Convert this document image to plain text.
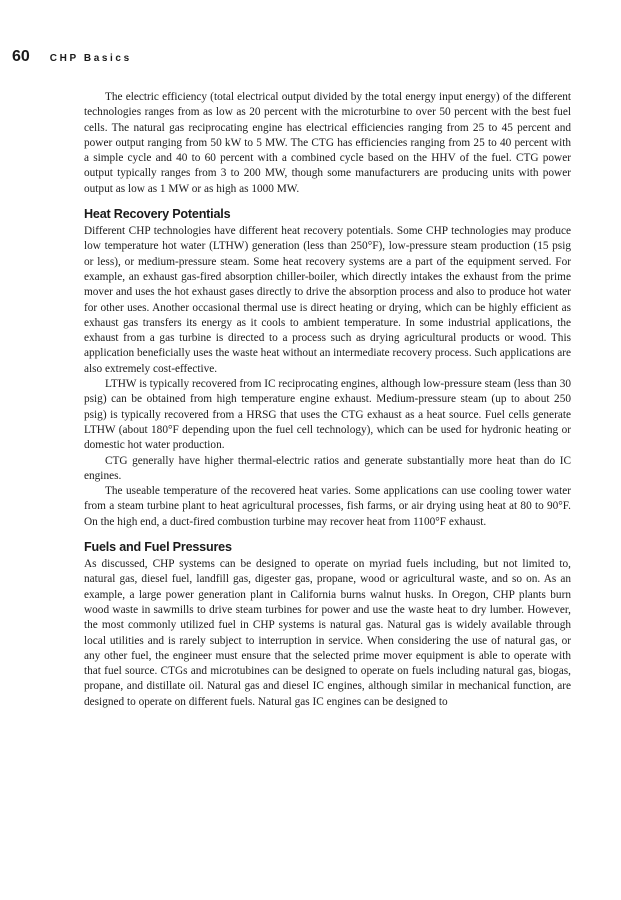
60 CHP Basics

The electric efficiency (total electrical output divided by the total energy input energy) of the different technologies ranges from as low as 20 percent with the microturbine to over 50 percent with the best fuel cells. The natural gas reciprocating engine has electrical efficiencies ranging from 25 to 45 percent and power output ranging from 50 kW to 5 MW. The CTG has efficiencies ranging from 25 to 40 percent with a simple cycle and 40 to 60 percent with a combined cycle based on the HHV of the fuel. CTG power output typically ranges from 3 to 200 MW, though some manufacturers are producing units with power output as low as 1 MW or as high as 1000 MW.

Heat Recovery Potentials

Different CHP technologies have different heat recovery potentials. Some CHP technologies may produce low temperature hot water (LTHW) generation (less than 250°F), low-pressure steam production (15 psig or less), or medium-pressure steam. Some heat recovery systems are a part of the equipment served. For example, an exhaust gas-fired absorption chiller-boiler, which directly intakes the exhaust from the prime mover and uses the hot exhaust gases directly to drive the absorption process and also to produce hot water for other uses. Another occasional thermal use is direct heating or drying, which can be highly efficient as exhaust gas transfers its energy as it cools to ambient temperature. In some industrial applications, the exhaust from a gas turbine is directed to a process such as drying agricultural products or wood. This application beneficially uses the waste heat without an intermediate recovery process. Such applications are also extremely cost-effective.

LTHW is typically recovered from IC reciprocating engines, although low-pressure steam (less than 30 psig) can be obtained from high temperature engine exhaust. Medium-pressure steam (up to about 250 psig) is typically recovered from a HRSG that uses the CTG exhaust as a heat source. Fuel cells generate LTHW (about 180°F depending upon the fuel cell technology), which can be used for hydronic heating or domestic hot water production.

CTG generally have higher thermal-electric ratios and generate substantially more heat than do IC engines.

The useable temperature of the recovered heat varies. Some applications can use cooling tower water from a steam turbine plant to heat agricultural processes, fish farms, or air drying using heat at 80 to 90°F. On the high end, a duct-fired combustion turbine may recover heat from 1100°F exhaust.

Fuels and Fuel Pressures

As discussed, CHP systems can be designed to operate on myriad fuels including, but not limited to, natural gas, diesel fuel, landfill gas, digester gas, propane, wood or agricultural waste, and so on. As an example, a large power generation plant in California burns walnut husks. In Oregon, CHP plants burn wood waste in sawmills to drive steam turbines for power and use the waste heat to dry lumber. However, the most commonly utilized fuel in CHP systems is natural gas. Natural gas is widely available through local utilities and is rarely subject to interruption in service. When considering the use of natural gas, or any other fuel, the engineer must ensure that the selected prime mover equipment is able to operate with that fuel source. CTGs and microtubines can be designed to operate on fuels including natural gas, biogas, propane, and distillate oil. Natural gas and diesel IC engines, although similar in mechanical function, are designed to operate on different fuels. Natural gas IC engines can be designed to
